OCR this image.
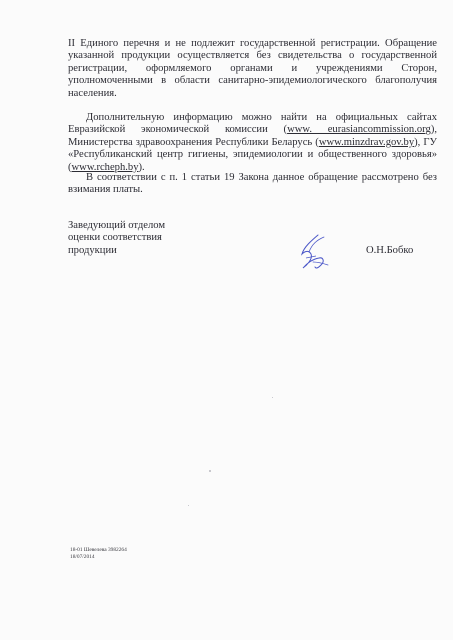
II Единого перечня и не подлежит государственной регистрации. Обращение указанной продукции осуществляется без свидетельства о государственной регистрации, оформляемого органами и учреждениями Сторон, уполномоченными в области санитарно-эпидемиологического благополучия населения.
Дополнительную информацию можно найти на официальных сайтах Евразийской экономической комиссии (www. eurasiancommission.org), Министерства здравоохранения Республики Беларусь (www.minzdrav.gov.by), ГУ «Республиканский центр гигиены, эпидемиологии и общественного здоровья» (www.rcheph.by).
В соответствии с п. 1 статьи 19 Закона данное обращение рассмотрено без взимания платы.
Заведующий отделом
оценки соответствия
продукции	О.Н.Бобко
18-01 Шевелева 3982264
18/07/2014
